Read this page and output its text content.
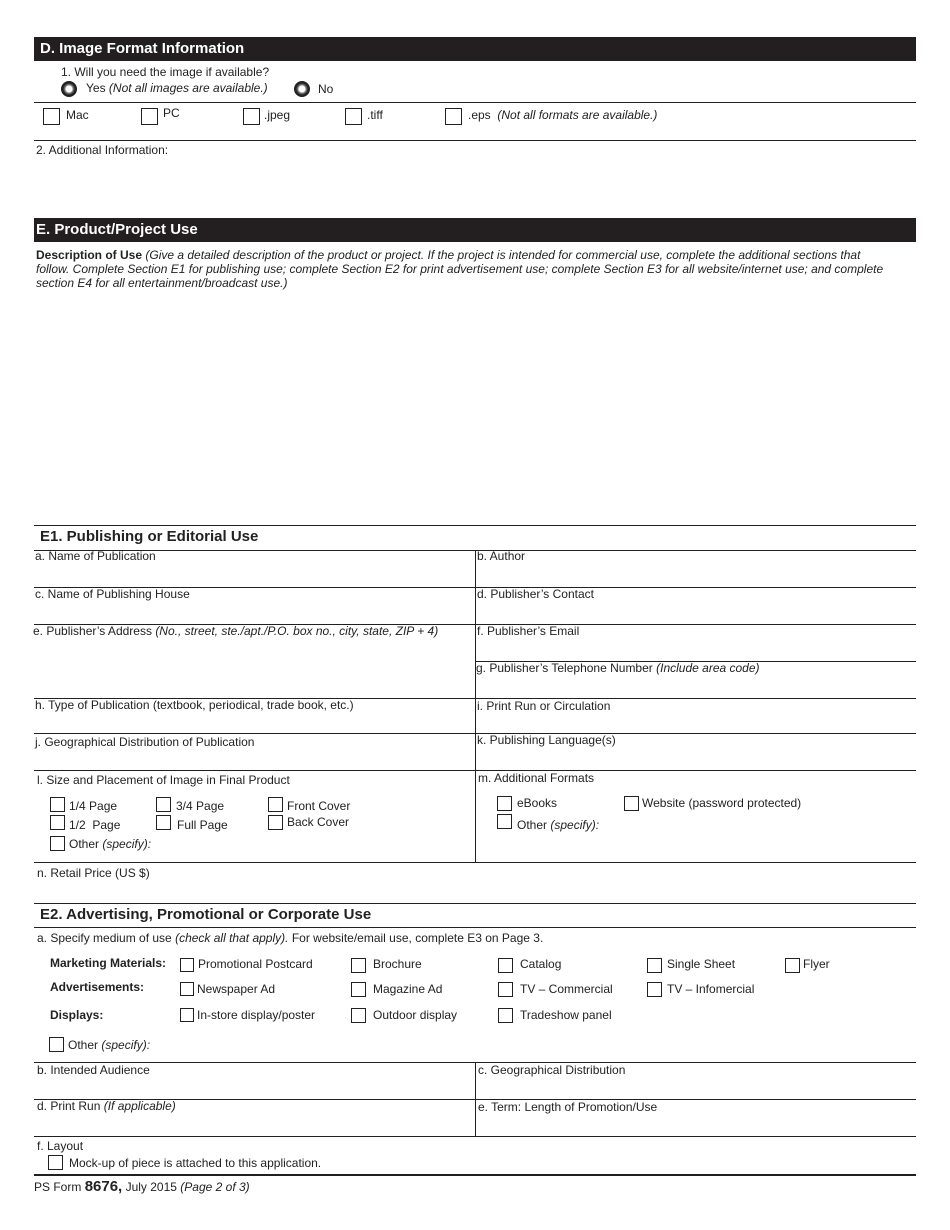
D. Image Format Information
1. Will you need the image if available?
Yes (Not all images are available.)	No
Mac	PC	.jpeg	.tiff	.eps (Not all formats are available.)
2. Additional Information:
E. Product/Project Use
Description of Use (Give a detailed description of the product or project. If the project is intended for commercial use, complete the additional sections that follow. Complete Section E1 for publishing use; complete Section E2 for print advertisement use; complete Section E3 for all website/internet use; and complete section E4 for all entertainment/broadcast use.)
E1. Publishing or Editorial Use
a. Name of Publication	b. Author
c. Name of Publishing House	d. Publisher’s Contact
e. Publisher’s Address (No., street, ste./apt./P.O. box no., city, state, ZIP + 4)	f. Publisher’s Email
g. Publisher’s Telephone Number (Include area code)
h. Type of Publication (textbook, periodical, trade book, etc.)	i. Print Run or Circulation
j. Geographical Distribution of Publication	k. Publishing Language(s)
l. Size and Placement of Image in Final Product
1/4 Page	3/4 Page	Front Cover
1/2  Page	Full Page	Back Cover
Other (specify):
m. Additional Formats
eBooks	Website (password protected)
Other (specify):
n. Retail Price (US $)
E2. Advertising, Promotional or Corporate Use
a. Specify medium of use (check all that apply). For website/email use, complete E3 on Page 3.
Marketing Materials:	Promotional Postcard	Brochure	Catalog	Single Sheet	Flyer
Advertisements:	Newspaper Ad	Magazine Ad	TV – Commercial	TV – Infomercial
Displays:	In-store display/poster	Outdoor display	Tradeshow panel
Other (specify):
b. Intended Audience	c. Geographical Distribution
d. Print Run (If applicable)	e. Term: Length of Promotion/Use
f. Layout
Mock-up of piece is attached to this application.
PS Form 8676, July 2015 (Page 2 of 3)
